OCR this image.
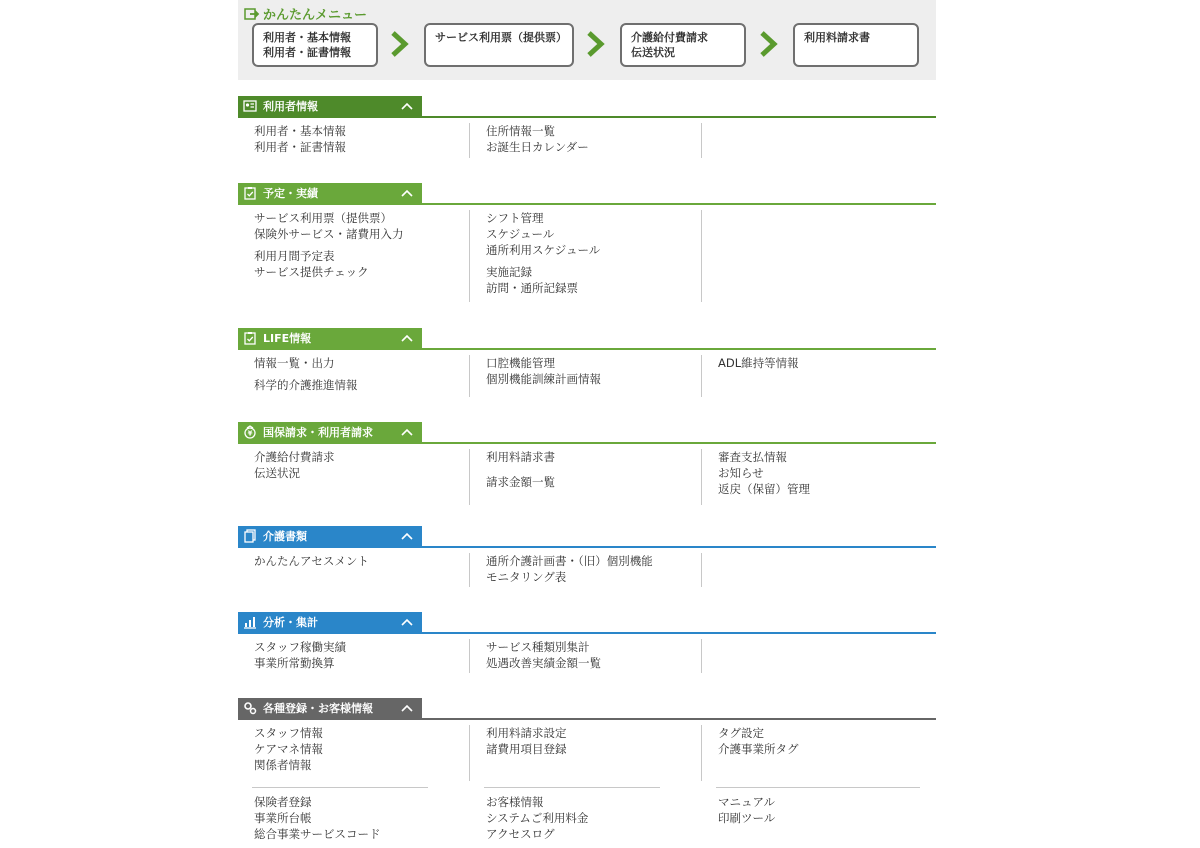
かんたんメニュー
利用者・基本情報
利用者・証書情報
サービス利用票（提供票）	介護給付費請求
伝送状況
利用料請求書
利用者情報
利用者・基本情報
利用者・証書情報
住所情報一覧
お誕生日カレンダー
予定・実績
サービス利用票（提供票）
保険外サービス・諸費用入力
利用月間予定表
サービス提供チェック
シフト管理
スケジュール
通所利用スケジュール
実施記録
訪問・通所記録票
LIFE情報
情報一覧・出力
科学的介護推進情報
口腔機能管理
個別機能訓練計画情報
ADL維持等情報
¥ 国保請求・利用者請求
介護給付費請求
伝送状況
利用料請求書
請求金額一覧
審査支払情報
お知らせ
返戻（保留）管理
介護書類
かんたんアセスメント	通所介護計画書・（旧）個別機能
モニタリング表
分析・集計
スタッフ稼働実績
事業所常勤換算
サービス種類別集計
処遇改善実績金額一覧
各種登録・お客様情報
スタッフ情報
ケアマネ情報
関係者情報
利用料請求設定
諸費用項目登録
タグ設定
介護事業所タグ
保険者登録
事業所台帳
総合事業サービスコード
お客様情報
システムご利用料金
アクセスログ
マニュアル
印刷ツール
